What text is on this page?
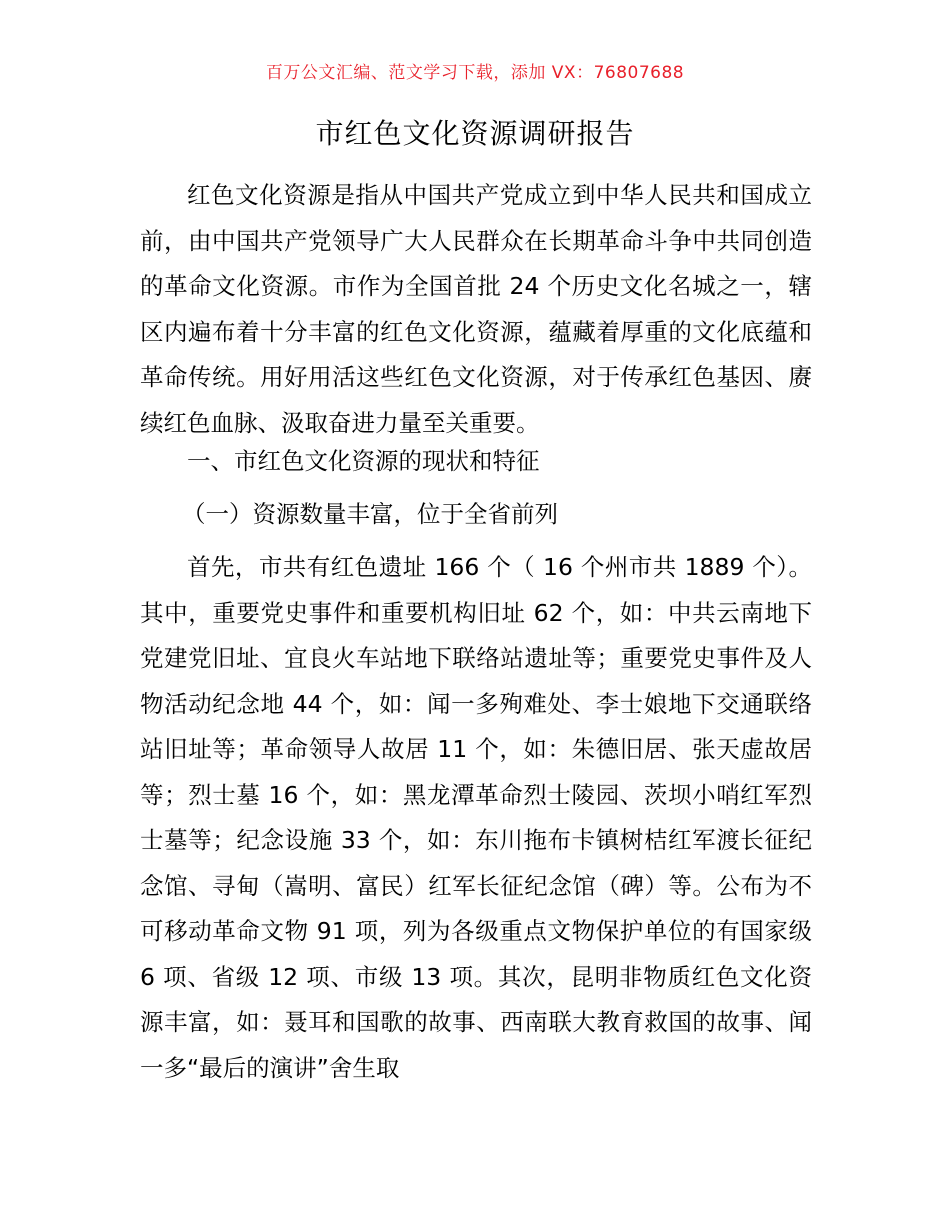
百万公文汇编、范文学习下载，添加 VX：76807688
市红色文化资源调研报告

红色文化资源是指从中国共产党成立到中华人民共和国成立前，由中国共产党领导广大人民群众在长期革命斗争中共同创造的革命文化资源。市作为全国首批 24 个历史文化名城之一，辖区内遍布着十分丰富的红色文化资源，蕴藏着厚重的文化底蕴和革命传统。用好用活这些红色文化资源，对于传承红色基因、赓续红色血脉、汲取奋进力量至关重要。

一、市红色文化资源的现状和特征

（一）资源数量丰富，位于全省前列

首先，市共有红色遗址 166 个（ 16 个州市共 1889 个）。其中，重要党史事件和重要机构旧址 62 个，如：中共云南地下党建党旧址、宜良火车站地下联络站遗址等；重要党史事件及人物活动纪念地 44 个，如：闻一多殉难处、李士娘地下交通联络站旧址等；革命领导人故居 11 个，如：朱德旧居、张天虚故居等；烈士墓 16 个，如：黑龙潭革命烈士陵园、茨坝小哨红军烈士墓等；纪念设施 33 个，如：东川拖布卡镇树桔红军渡长征纪念馆、寻甸（嵩明、富民）红军长征纪念馆（碑）等。公布为不可移动革命文物 91 项，列为各级重点文物保护单位的有国家级 6 项、省级 12 项、市级 13 项。其次，昆明非物质红色文化资源丰富，如：聂耳和国歌的故事、西南联大教育救国的故事、闻一多“最后的演讲”舍生取
